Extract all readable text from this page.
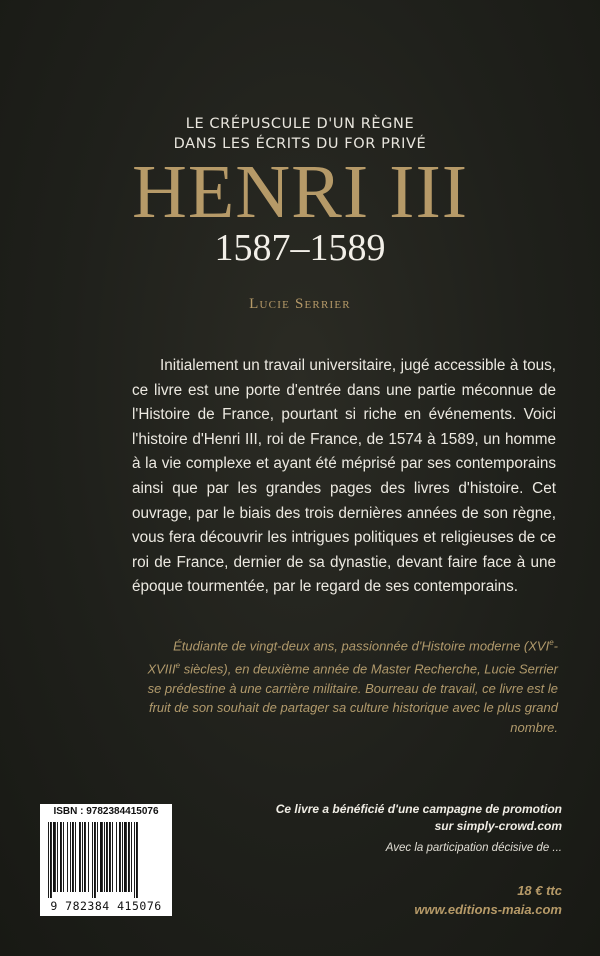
LE CRÉPUSCULE D'UN RÈGNE
DANS LES ÉCRITS DU FOR PRIVÉ
HENRI III
1587–1589
Lucie Serrier

Initialement un travail universitaire, jugé accessible à tous, ce livre est une porte d'entrée dans une partie méconnue de l'Histoire de France, pourtant si riche en événements. Voici l'histoire d'Henri III, roi de France, de 1574 à 1589, un homme à la vie complexe et ayant été méprisé par ses contemporains ainsi que par les grandes pages des livres d'histoire. Cet ouvrage, par le biais des trois dernières années de son règne, vous fera découvrir les intrigues politiques et religieuses de ce roi de France, dernier de sa dynastie, devant faire face à une époque tourmentée, par le regard de ses contemporains.

Étudiante de vingt-deux ans, passionnée d'Histoire moderne (XVIe-XVIIIe siècles), en deuxième année de Master Recherche, Lucie Serrier se prédestine à une carrière militaire. Bourreau de travail, ce livre est le fruit de son souhait de partager sa culture historique avec le plus grand nombre.

ISBN : 9782384415076
9 782384 415076
Ce livre a bénéficié d'une campagne de promotion
sur simply-crowd.com
Avec la participation décisive de ...
18 € ttc
www.editions-maia.com
